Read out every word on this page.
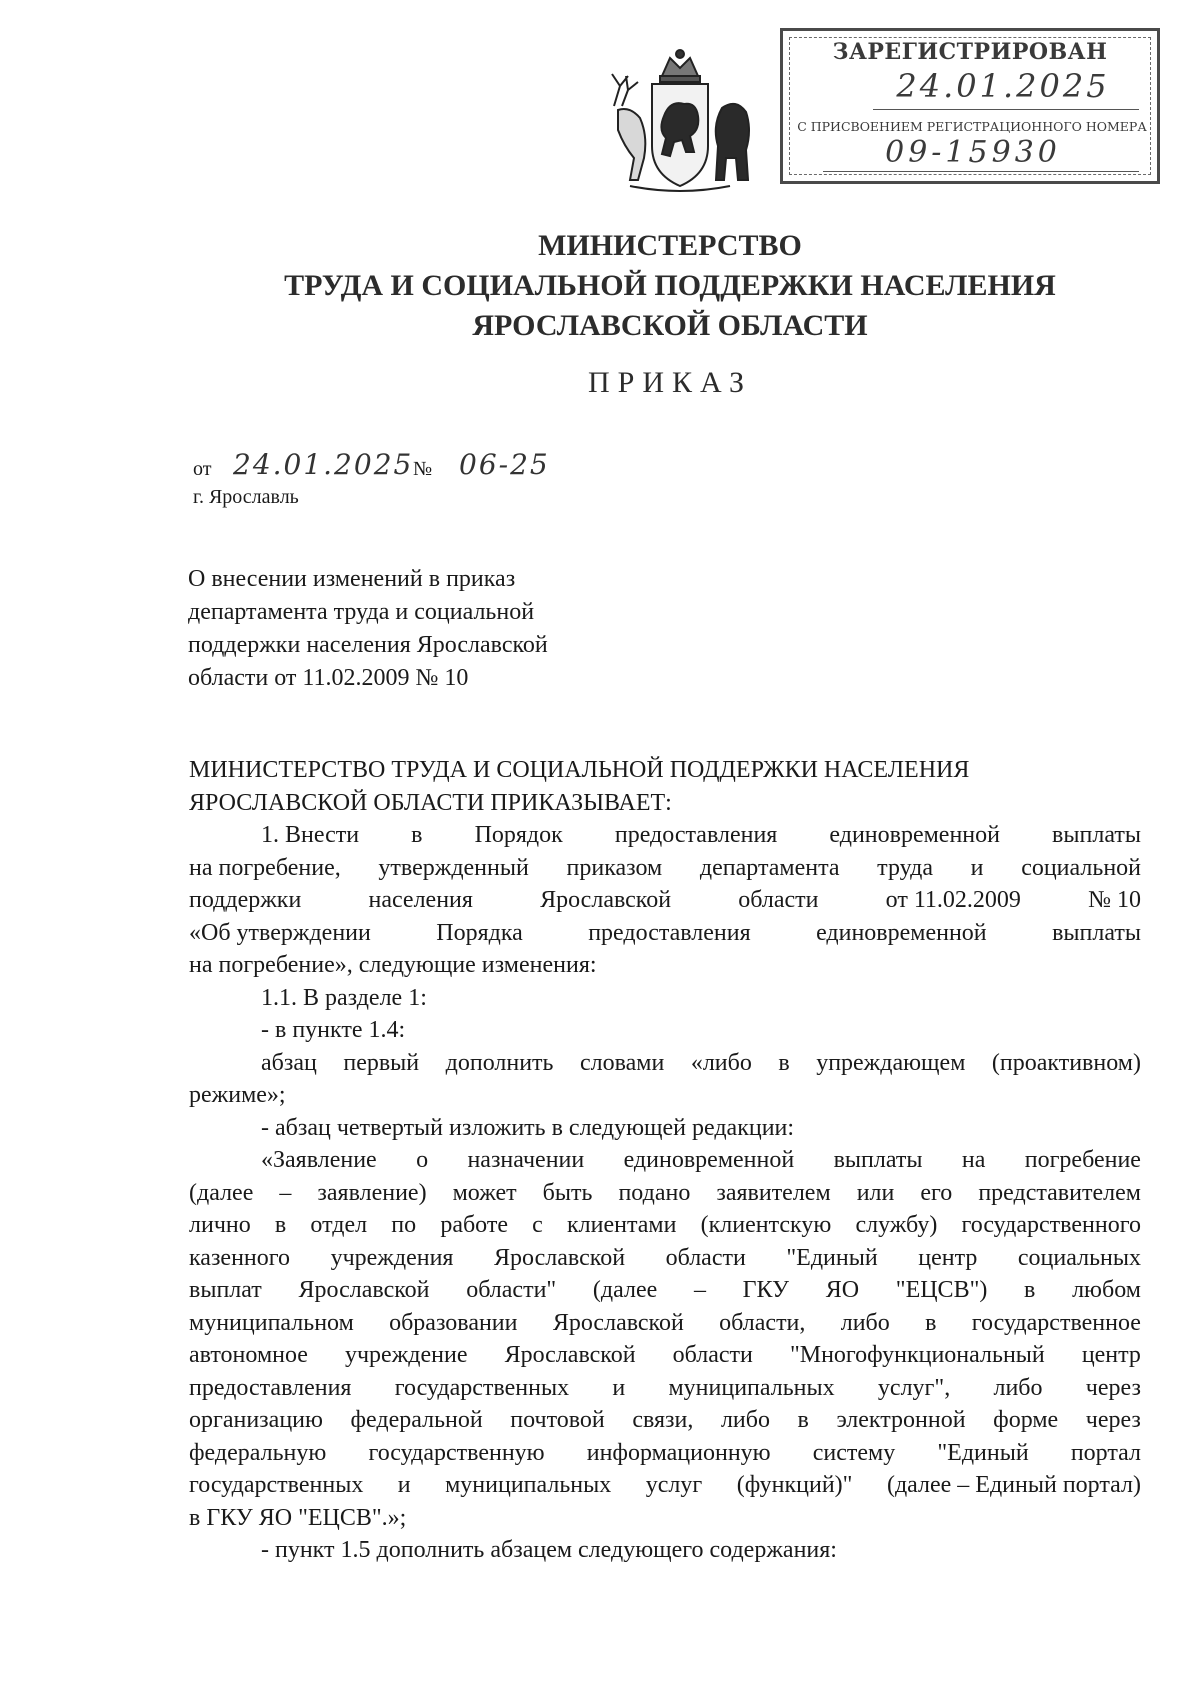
ЗАРЕГИСТРИРОВАН
24.01.2025
С ПРИСВОЕНИЕМ РЕГИСТРАЦИОННОГО НОМЕРА
09-15930
МИНИСТЕРСТВО
ТРУДА И СОЦИАЛЬНОЙ ПОДДЕРЖКИ НАСЕЛЕНИЯ
ЯРОСЛАВСКОЙ ОБЛАСТИ
ПРИКАЗ
от 24.01.2025 № 06-25
г. Ярославль
О внесении изменений в приказ
департамента труда и социальной
поддержки населения Ярославской
области от 11.02.2009 № 10
МИНИСТЕРСТВО ТРУДА И СОЦИАЛЬНОЙ ПОДДЕРЖКИ НАСЕЛЕНИЯ
ЯРОСЛАВСКОЙ ОБЛАСТИ ПРИКАЗЫВАЕТ:
1. Внести в Порядок предоставления единовременной выплаты
на погребение, утвержденный приказом департамента труда и социальной
поддержки	населения	Ярославской	области	от 11.02.2009	№ 10
«Об утверждении	Порядка	предоставления	единовременной	выплаты
на погребение», следующие изменения:
1.1. В разделе 1:
- в пункте 1.4:
абзац первый дополнить словами «либо в упреждающем (проактивном)
режиме»;
- абзац четвертый изложить в следующей редакции:
«Заявление о назначении единовременной выплаты на погребение
(далее – заявление) может быть подано заявителем или его представителем
лично в отдел по работе с клиентами (клиентскую службу) государственного
казенного учреждения Ярославской области "Единый центр социальных
выплат Ярославской области" (далее – ГКУ ЯО "ЕЦСВ") в любом
муниципальном образовании Ярославской области, либо в государственное
автономное учреждение Ярославской области "Многофункциональный центр
предоставления государственных и муниципальных услуг", либо через
организацию федеральной почтовой связи, либо в электронной форме через
федеральную государственную информационную систему "Единый портал
государственных и муниципальных услуг (функций)" (далее – Единый портал)
в ГКУ ЯО "ЕЦСВ".»;
- пункт 1.5 дополнить абзацем следующего содержания:
